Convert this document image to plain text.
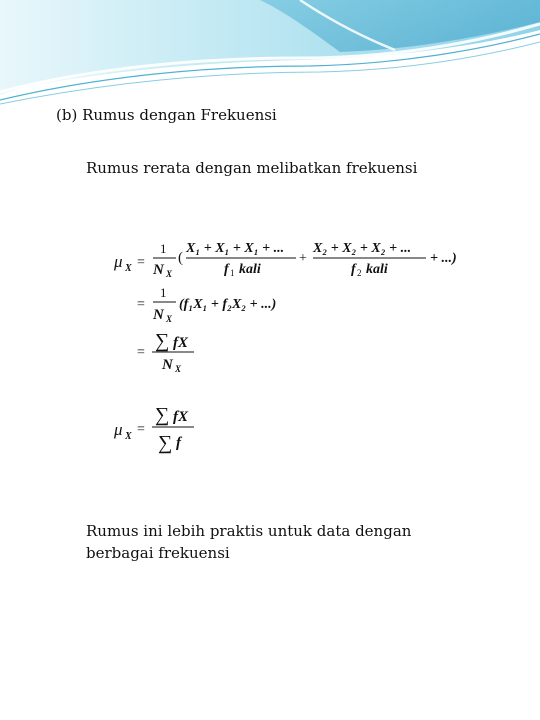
(b) Rumus dengan Frekuensi
Rumus rerata dengan melibatkan frekuensi
μ X =
1
N X
(
X₁ + X₁ + X₁ + ...
f 1 kali
+
X₂ + X₂ + X₂ + ...
f 2 kali
+ ...)
=
1
N X
(f₁X₁ + f₂X₂ + ...)
=
∑ fX
N X
μ X =
∑ fX
∑ f
Rumus ini lebih praktis untuk data dengan
berbagai frekuensi
